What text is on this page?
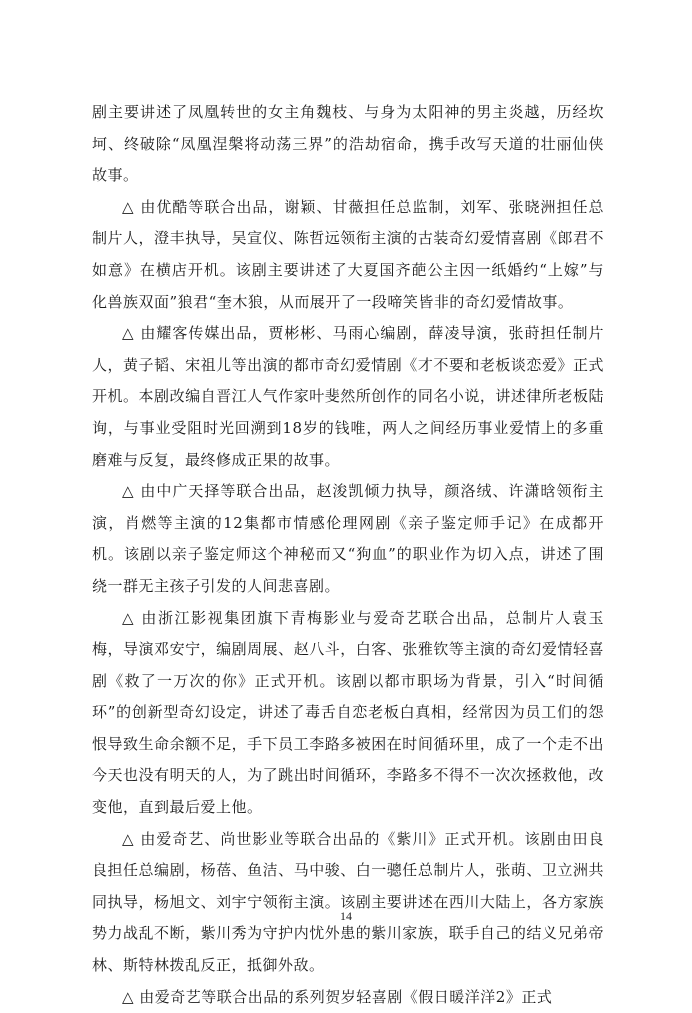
剧主要讲述了凤凰转世的女主角魏枝、与身为太阳神的男主炎越，历经坎坷、终破除“凤凰涅槃将动荡三界”的浩劫宿命，携手改写天道的壮丽仙侠故事。

△ 由优酷等联合出品，谢颖、甘薇担任总监制，刘军、张晓洲担任总制片人，澄丰执导，吴宣仪、陈哲远领衔主演的古装奇幻爱情喜剧《郎君不如意》在横店开机。该剧主要讲述了大夏国齐葩公主因一纸婚约“上嫁”与化兽族双面”狼君“奎木狼，从而展开了一段啼笑皆非的奇幻爱情故事。

△ 由耀客传媒出品，贾彬彬、马雨心编剧，薛凌导演，张莳担任制片人，黄子韬、宋祖儿等出演的都市奇幻爱情剧《才不要和老板谈恋爱》正式开机。本剧改编自晋江人气作家叶斐然所创作的同名小说，讲述律所老板陆询，与事业受阻时光回溯到18岁的钱唯，两人之间经历事业爱情上的多重磨难与反复，最终修成正果的故事。

△ 由中广天择等联合出品，赵浚凯倾力执导，颜洛绒、许潇晗领衔主演，肖燃等主演的12集都市情感伦理网剧《亲子鉴定师手记》在成都开机。该剧以亲子鉴定师这个神秘而又“狗血”的职业作为切入点，讲述了围绕一群无主孩子引发的人间悲喜剧。

△ 由浙江影视集团旗下青梅影业与爱奇艺联合出品，总制片人袁玉梅，导演邓安宁，编剧周展、赵八斗，白客、张雅钦等主演的奇幻爱情轻喜剧《救了一万次的你》正式开机。该剧以都市职场为背景，引入“时间循环”的创新型奇幻设定，讲述了毒舌自恋老板白真相，经常因为员工们的怨恨导致生命余额不足，手下员工李路多被困在时间循环里，成了一个走不出今天也没有明天的人，为了跳出时间循环，李路多不得不一次次拯救他，改变他，直到最后爱上他。

△ 由爱奇艺、尚世影业等联合出品的《紫川》正式开机。该剧由田良良担任总编剧，杨蓓、鱼洁、马中骏、白一骢任总制片人，张萌、卫立洲共同执导，杨旭文、刘宇宁领衔主演。该剧主要讲述在西川大陆上，各方家族势力战乱不断，紫川秀为守护内忧外患的紫川家族，联手自己的结义兄弟帝林、斯特林拨乱反正，抵御外敌。

△ 由爱奇艺等联合出品的系列贺岁轻喜剧《假日暖洋洋2》正式

14
